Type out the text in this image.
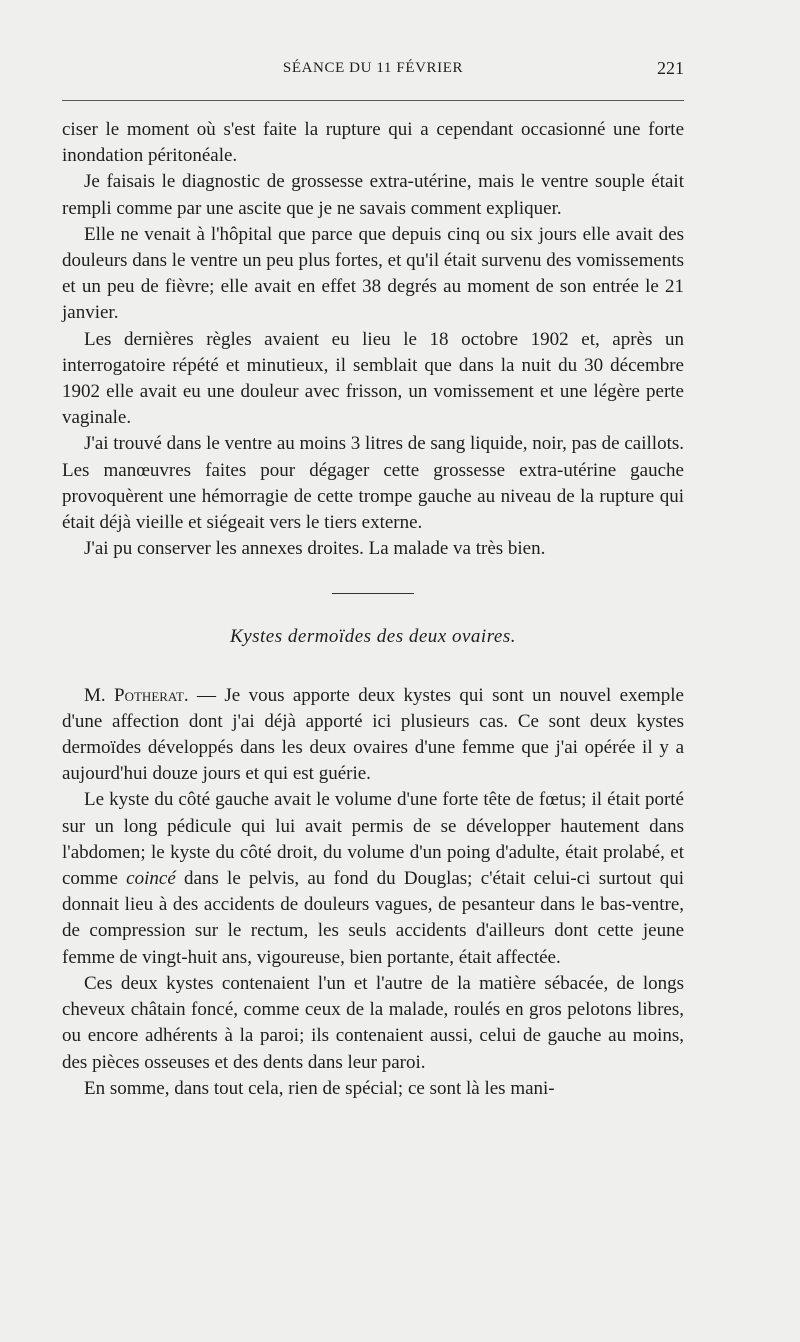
SÉANCE DU 11 FÉVRIER	221

ciser le moment où s'est faite la rupture qui a cependant occasionné une forte inondation péritonéale.

Je faisais le diagnostic de grossesse extra-utérine, mais le ventre souple était rempli comme par une ascite que je ne savais comment expliquer.

Elle ne venait à l'hôpital que parce que depuis cinq ou six jours elle avait des douleurs dans le ventre un peu plus fortes, et qu'il était survenu des vomissements et un peu de fièvre; elle avait en effet 38 degrés au moment de son entrée le 21 janvier.

Les dernières règles avaient eu lieu le 18 octobre 1902 et, après un interrogatoire répété et minutieux, il semblait que dans la nuit du 30 décembre 1902 elle avait eu une douleur avec frisson, un vomissement et une légère perte vaginale.

J'ai trouvé dans le ventre au moins 3 litres de sang liquide, noir, pas de caillots. Les manœuvres faites pour dégager cette grossesse extra-utérine gauche provoquèrent une hémorragie de cette trompe gauche au niveau de la rupture qui était déjà vieille et siégeait vers le tiers externe.

J'ai pu conserver les annexes droites. La malade va très bien.

Kystes dermoïdes des deux ovaires.

M. Potherat. — Je vous apporte deux kystes qui sont un nouvel exemple d'une affection dont j'ai déjà apporté ici plusieurs cas. Ce sont deux kystes dermoïdes développés dans les deux ovaires d'une femme que j'ai opérée il y a aujourd'hui douze jours et qui est guérie.

Le kyste du côté gauche avait le volume d'une forte tête de fœtus; il était porté sur un long pédicule qui lui avait permis de se développer hautement dans l'abdomen; le kyste du côté droit, du volume d'un poing d'adulte, était prolabé, et comme coincé dans le pelvis, au fond du Douglas; c'était celui-ci surtout qui donnait lieu à des accidents de douleurs vagues, de pesanteur dans le bas-ventre, de compression sur le rectum, les seuls accidents d'ailleurs dont cette jeune femme de vingt-huit ans, vigoureuse, bien portante, était affectée.

Ces deux kystes contenaient l'un et l'autre de la matière sébacée, de longs cheveux châtain foncé, comme ceux de la malade, roulés en gros pelotons libres, ou encore adhérents à la paroi; ils contenaient aussi, celui de gauche au moins, des pièces osseuses et des dents dans leur paroi.

En somme, dans tout cela, rien de spécial; ce sont là les mani-
